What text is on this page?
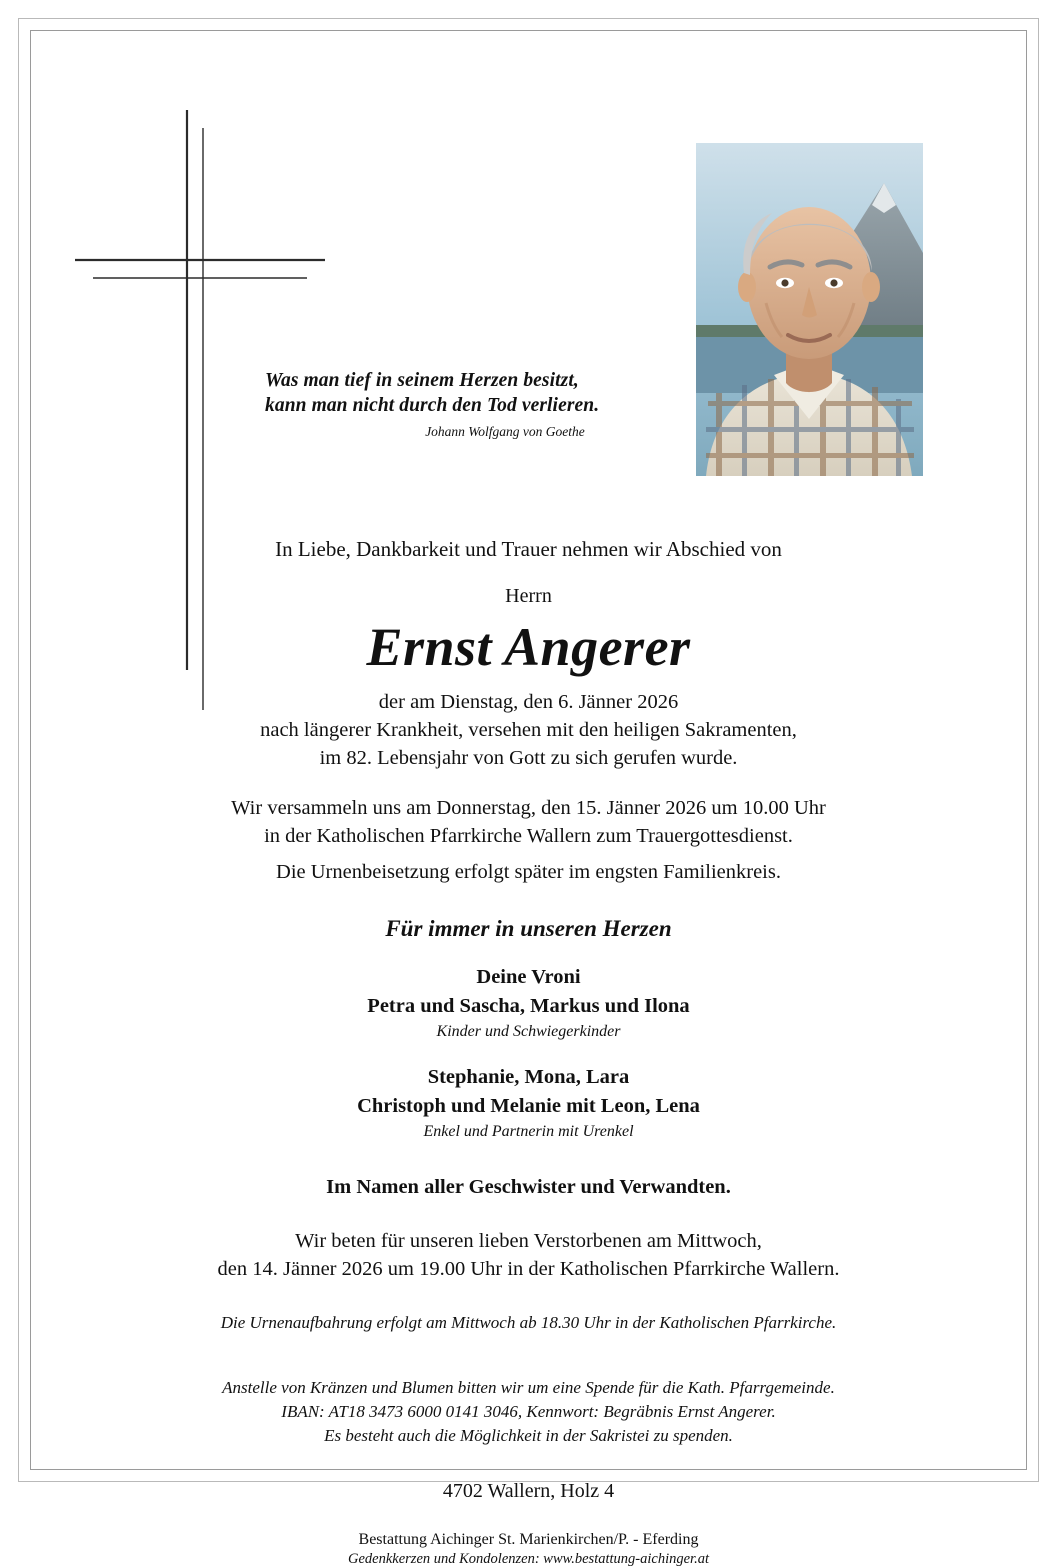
Was man tief in seinem Herzen besitzt,
kann man nicht durch den Tod verlieren.
Johann Wolfgang von Goethe
In Liebe, Dankbarkeit und Trauer nehmen wir Abschied von
Herrn
Ernst Angerer
der am Dienstag, den 6. Jänner 2026
nach längerer Krankheit, versehen mit den heiligen Sakramenten,
im 82. Lebensjahr von Gott zu sich gerufen wurde.
Wir versammeln uns am Donnerstag, den 15. Jänner 2026 um 10.00 Uhr
in der Katholischen Pfarrkirche Wallern zum Trauergottesdienst.
Die Urnenbeisetzung erfolgt später im engsten Familienkreis.
Für immer in unseren Herzen
Deine Vroni
Petra und Sascha, Markus und Ilona
Kinder und Schwiegerkinder
Stephanie, Mona, Lara
Christoph und Melanie mit Leon, Lena
Enkel und Partnerin mit Urenkel
Im Namen aller Geschwister und Verwandten.
Wir beten für unseren lieben Verstorbenen am Mittwoch,
den 14. Jänner 2026 um 19.00 Uhr in der Katholischen Pfarrkirche Wallern.
Die Urnenaufbahrung erfolgt am Mittwoch ab 18.30 Uhr in der Katholischen Pfarrkirche.
Anstelle von Kränzen und Blumen bitten wir um eine Spende für die Kath. Pfarrgemeinde.
IBAN: AT18 3473 6000 0141 3046, Kennwort: Begräbnis Ernst Angerer.
Es besteht auch die Möglichkeit in der Sakristei zu spenden.
4702 Wallern, Holz 4
Bestattung Aichinger St. Marienkirchen/P. - Eferding
Gedenkkerzen und Kondolenzen: www.bestattung-aichinger.at
